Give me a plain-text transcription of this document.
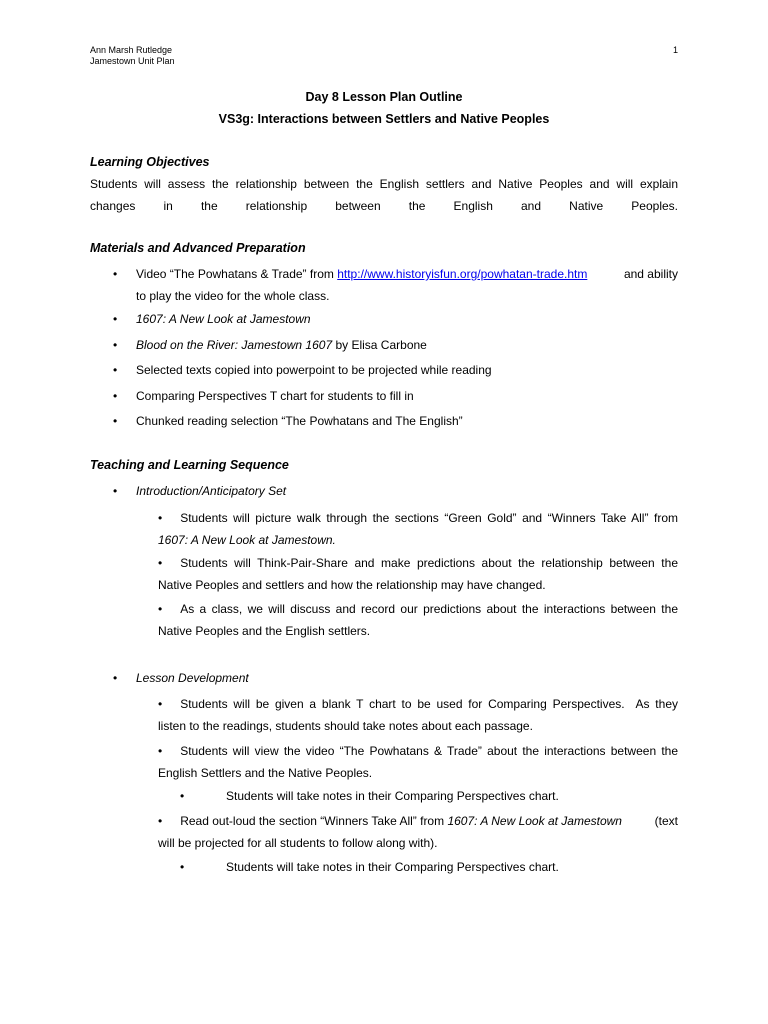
Ann Marsh Rutledge
Jamestown Unit Plan
1
Day 8 Lesson Plan Outline
VS3g: Interactions between Settlers and Native Peoples
Learning Objectives
Students will assess the relationship between the English settlers and Native Peoples and will explain
changes in the relationship between the English and Native Peoples.
Materials and Advanced Preparation
•	Video “The Powhatans & Trade” from http://www.historyisfun.org/powhatan-trade.htm	and ability
to play the video for the whole class.
•	1607: A New Look at Jamestown
•	Blood on the River: Jamestown 1607 by Elisa Carbone
•	Selected texts copied into powerpoint to be projected while reading
•	Comparing Perspectives T chart for students to fill in
•	Chunked reading selection “The Powhatans and The English”
Teaching and Learning Sequence
•	Introduction/Anticipatory Set
• Students will picture walk through the sections “Green Gold” and “Winners Take All” from
1607: A New Look at Jamestown.
• Students will Think-Pair-Share and make predictions about the relationship between the
Native Peoples and settlers and how the relationship may have changed.
• As a class, we will discuss and record our predictions about the interactions between the
Native Peoples and the English settlers.
•	Lesson Development
• Students will be given a blank T chart to be used for Comparing Perspectives.  As they
listen to the readings, students should take notes about each passage.
• Students will view the video “The Powhatans & Trade” about the interactions between the
English Settlers and the Native Peoples.
•	Students will take notes in their Comparing Perspectives chart.
• Read out-loud the section “Winners Take All” from 1607: A New Look at Jamestown	(text
will be projected for all students to follow along with).
•	Students will take notes in their Comparing Perspectives chart.
